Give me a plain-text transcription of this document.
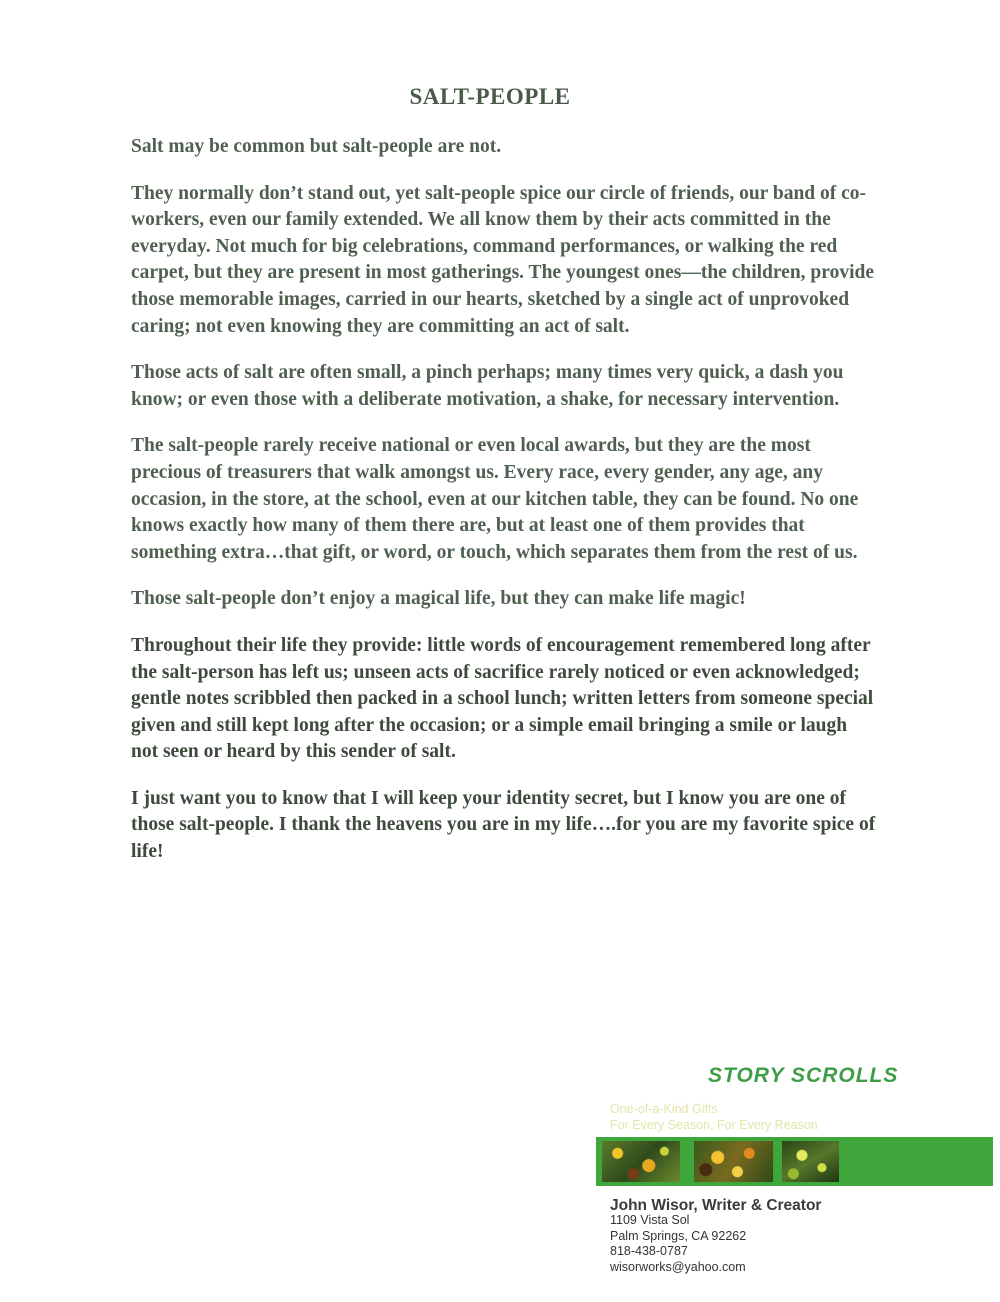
SALT-PEOPLE

Salt may be common but salt-people are not.

They normally don’t stand out, yet salt-people spice our circle of friends, our band of co-workers, even our family extended. We all know them by their acts committed in the everyday. Not much for big celebrations, command performances, or walking the red carpet, but they are present in most gatherings. The youngest ones—the children, provide those memorable images, carried in our hearts, sketched by a single act of unprovoked caring; not even knowing they are committing an act of salt.

Those acts of salt are often small, a pinch perhaps; many times very quick, a dash you know; or even those with a deliberate motivation, a shake, for necessary intervention.

The salt-people rarely receive national or even local awards, but they are the most precious of treasurers that walk amongst us. Every race, every gender, any age, any occasion, in the store, at the school, even at our kitchen table, they can be found. No one knows exactly how many of them there are, but at least one of them provides that something extra…that gift, or word, or touch, which separates them from the rest of us.

Those salt-people don’t enjoy a magical life, but they can make life magic!

Throughout their life they provide: little words of encouragement remembered long after the salt-person has left us; unseen acts of sacrifice rarely noticed or even acknowledged; gentle notes scribbled then packed in a school lunch; written letters from someone special given and still kept long after the occasion; or a simple email bringing a smile or laugh not seen or heard by this sender of salt.

I just want you to know that I will keep your identity secret, but I know you are one of those salt-people. I thank the heavens you are in my life….for you are my favorite spice of life!

STORY SCROLLS
One-of-a-Kind Gifts
For Every Season, For Every Reason
John Wisor, Writer & Creator
1109 Vista Sol
Palm Springs, CA 92262
818-438-0787
wisorworks@yahoo.com
